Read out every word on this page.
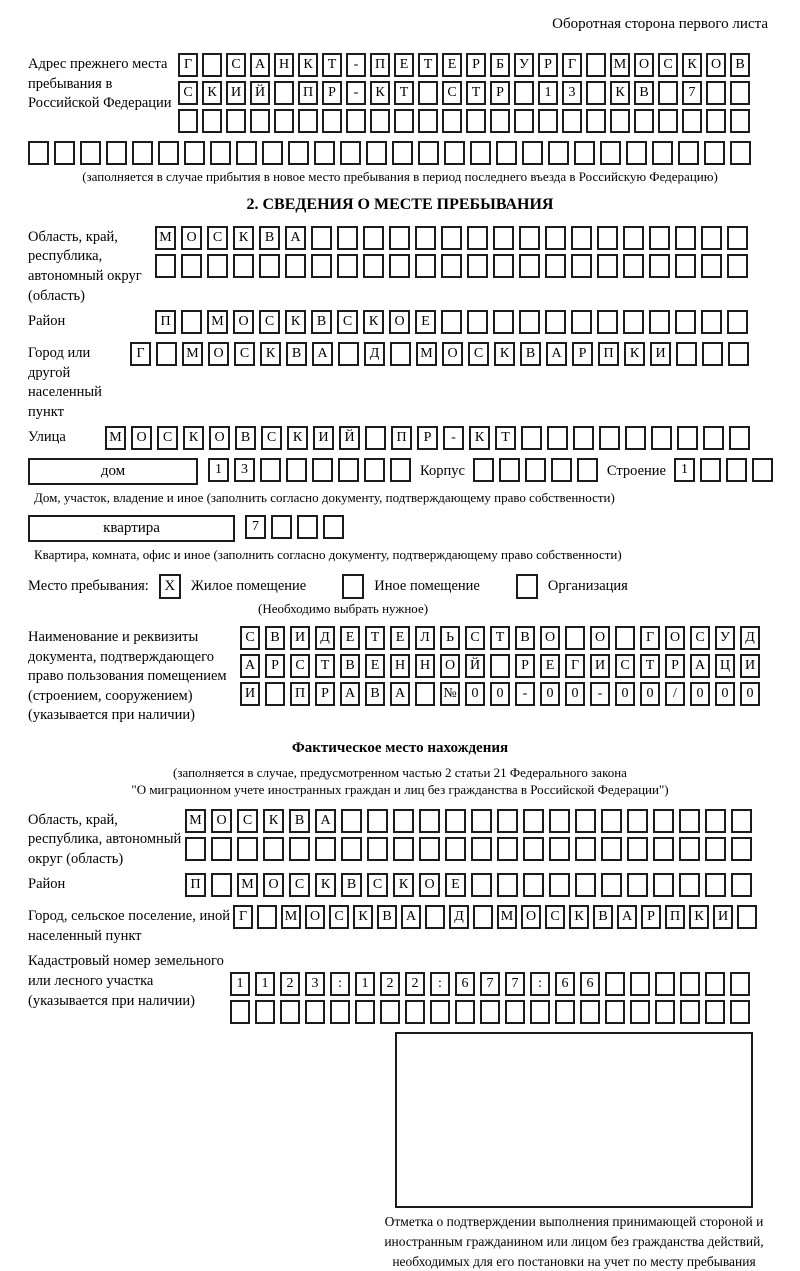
Оборотная сторона первого листа
Адрес прежнего места пребывания в Российской Федерации
Г	С	А Н	К	Т	-	П	Е	Т	Е	Р	Б	У	Р	Г	М О	С	К	О	В
С	К	И Й	П	Р	-	К	Т	С	Т	Р	1	3	К	В	7
(заполняется в случае прибытия в новое место пребывания в период последнего въезда в Российскую Федерацию)
2. СВЕДЕНИЯ О МЕСТЕ ПРЕБЫВАНИЯ
Область, край, республика, автономный округ (область)
М	О	С	К	В	А
Район	П	М	О	С	К	В	С	К	О	Е
Город или другой населенный пункт
Г	М	О	С	К	В	А	Д	М	О	С	К	В	А	Р	П	К	И
Улица	М	О	С	К	О	В	С	К	И	Й	П	Р	-	К	Т
дом	1	3	Корпус	Строение	1
Дом, участок, владение и иное (заполнить согласно документу, подтверждающему право собственности)
квартира	7
Квартира, комната, офис и иное (заполнить согласно документу, подтверждающему право собственности)
Место пребывания:	X	Жилое помещение	Иное помещение	Организация
(Необходимо выбрать нужное)
Наименование и реквизиты документа, подтверждающего право пользования помещением (строением, сооружением) (указывается при наличии)
С	В	И	Д	Е	Т	Е	Л	Ь	С	Т	В	О	О	Г	О	С	У	Д
А	Р	С	Т	В	Е	Н	Н	О	Й	Р	Е	Г	И	С	Т	Р	А	Ц	И
И	П	Р	А	В	А	№	0	0	-	0	0	-	0	0	/	0	0	0
Фактическое место нахождения
(заполняется в случае, предусмотренном частью 2 статьи 21 Федерального закона
"О миграционном учете иностранных граждан и лиц без гражданства в Российской Федерации")
Область, край, республика, автономный округ (область)
М	О	С	К	В	А
Район	П	М	О	С	К	В	С	К	О	Е
Город, сельское поселение, иной населенный пункт
Г	М О	С	К	В	А	Д	М О	С	К	В	А	Р	П	К	И
Кадастровый номер земельного или лесного участка (указывается при наличии)
1	1	2	3	:	1	2	2	:	6	7	7	:	6	6
Отметка о подтверждении выполнения принимающей стороной и иностранным гражданином или лицом без гражданства действий, необходимых для его постановки на учет по месту пребывания
